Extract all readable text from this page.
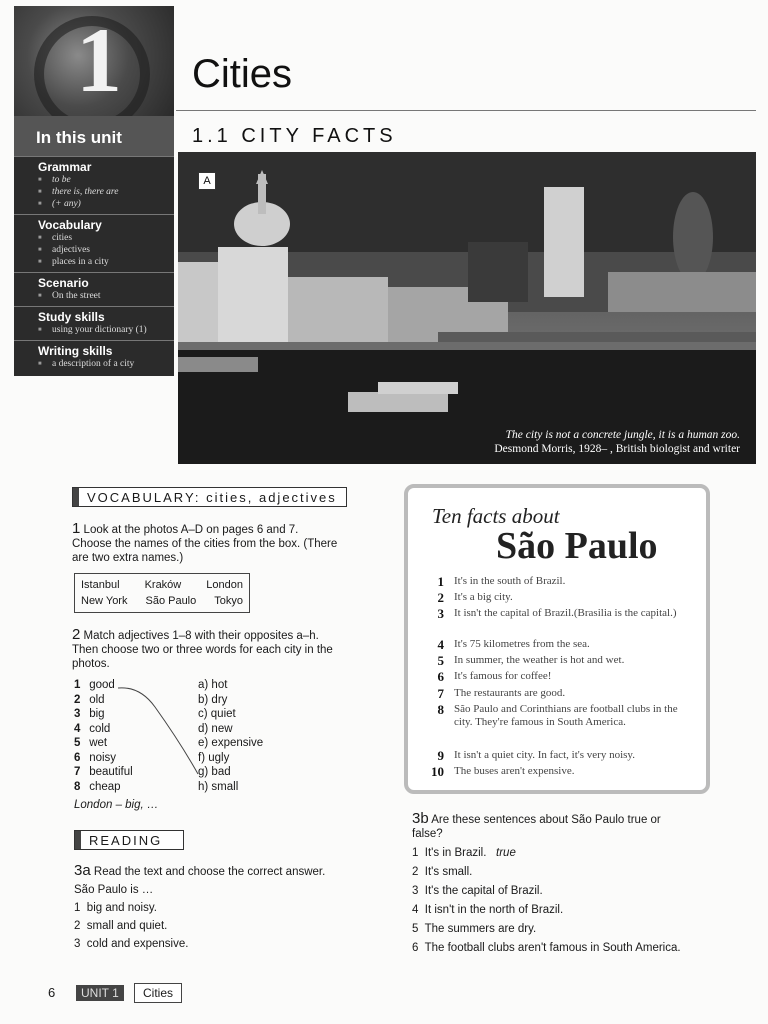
1 Cities
1.1 CITY FACTS
In this unit
Grammar
■ to be
■ there is, there are
■ (+ any)
Vocabulary
■ cities
■ adjectives
■ places in a city
Scenario
■ On the street
Study skills
■ using your dictionary (1)
Writing skills
■ a description of a city
A
The city is not a concrete jungle, it is a human zoo.
Desmond Morris, 1928– , British biologist and writer
VOCABULARY: cities, adjectives
1 Look at the photos A–D on pages 6 and 7.
Choose the names of the cities from the box. (There
are two extra names.)
Istanbul Kraków London
New York São Paulo Tokyo
2 Match adjectives 1–8 with their opposites a–h.
Then choose two or three words for each city in the
photos.
1 good
2 old
3 big
4 cold
5 wet
6 noisy
7 beautiful
8 cheap
a) hot
b) dry
c) quiet
d) new
e) expensive
f) ugly
g) bad
h) small
London – big, …
READING
3a Read the text and choose the correct answer.
São Paulo is …
1 big and noisy.
2 small and quiet.
3 cold and expensive.
Ten facts about
São Paulo
1 It's in the south of Brazil.
2 It's a big city.
3 It isn't the capital of Brazil.(Brasilia is the capital.)
4 It's 75 kilometres from the sea.
5 In summer, the weather is hot and wet.
6 It's famous for coffee!
7 The restaurants are good.
8 São Paulo and Corinthians are football clubs in the city. They're famous in South America.
9 It isn't a quiet city. In fact, it's very noisy.
10 The buses aren't expensive.
3b Are these sentences about São Paulo true or
false?
1 It's in Brazil. true
2 It's small.
3 It's the capital of Brazil.
4 It isn't in the north of Brazil.
5 The summers are dry.
6 The football clubs aren't famous in South America.
6	UNIT 1	Cities
